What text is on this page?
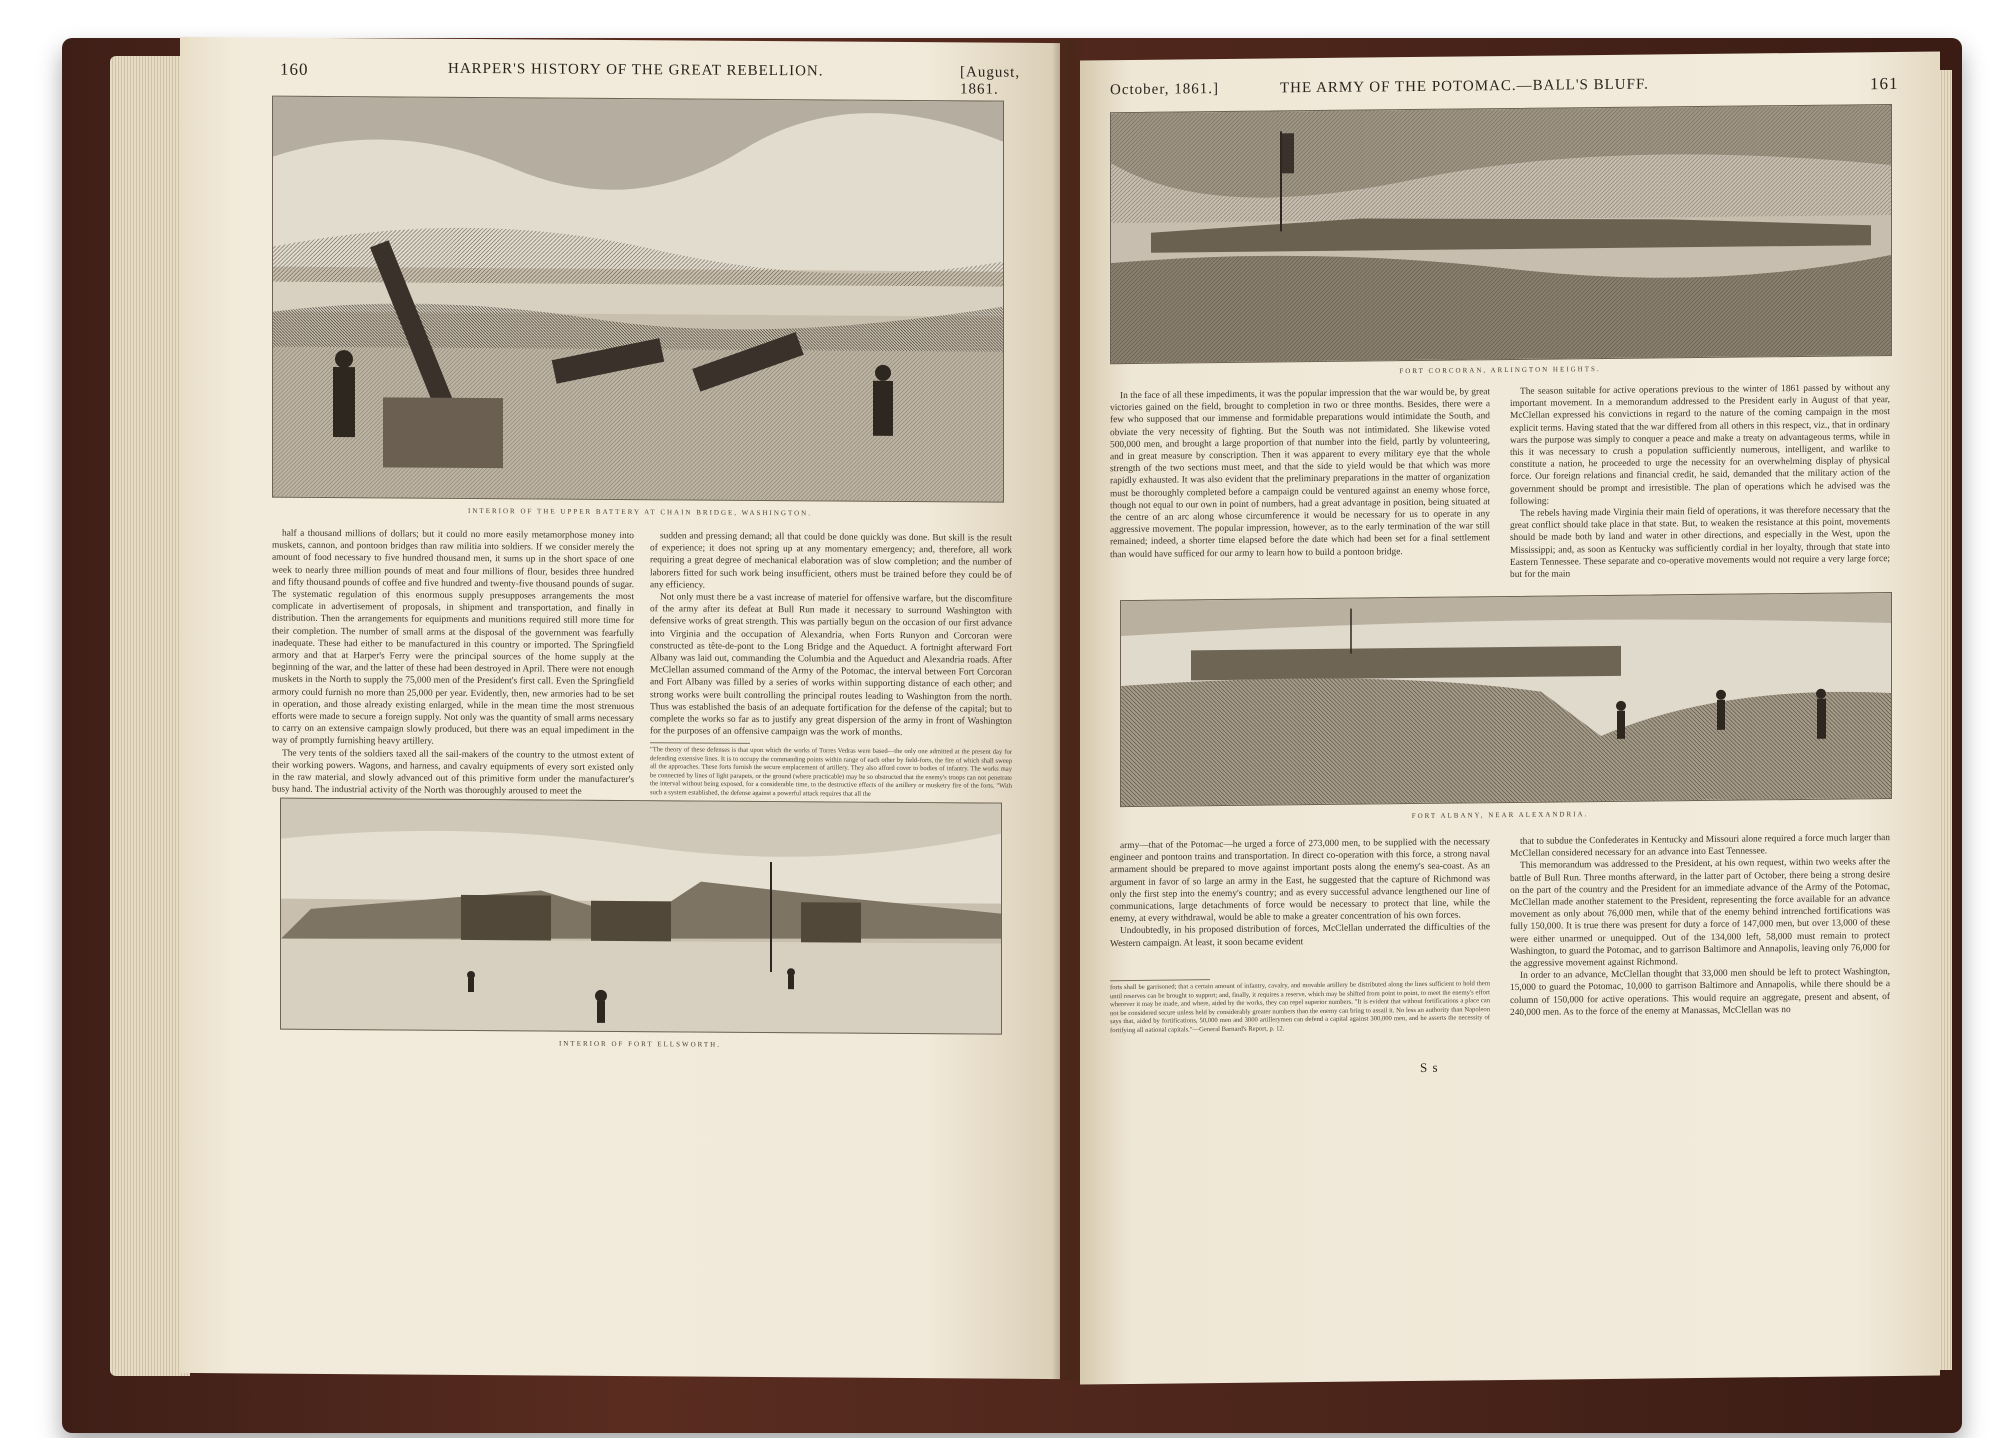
160	HARPER'S HISTORY OF THE GREAT REBELLION.	[August, 1861.
INTERIOR OF THE UPPER BATTERY AT CHAIN BRIDGE, WASHINGTON.

half a thousand millions of dollars; but it could no more easily metamorphose money into muskets, cannon, and pontoon bridges than raw militia into soldiers. If we consider merely the amount of food necessary to five hundred thousand men, it sums up in the short space of one week to nearly three million pounds of meat and four millions of flour, besides three hundred and fifty thousand pounds of coffee and five hundred and twenty-five thousand pounds of sugar. The systematic regulation of this enormous supply presupposes arrangements the most complicate in advertisement of proposals, in shipment and transportation, and finally in distribution. Then the arrangements for equipments and munitions required still more time for their completion. The number of small arms at the disposal of the government was fearfully inadequate. These had either to be manufactured in this country or imported. The Springfield armory and that at Harper's Ferry were the principal sources of the home supply at the beginning of the war, and the latter of these had been destroyed in April. There were not enough muskets in the North to supply the 75,000 men of the President's first call. Even the Springfield armory could furnish no more than 25,000 per year. Evidently, then, new armories had to be set in operation, and those already existing enlarged, while in the mean time the most strenuous efforts were made to secure a foreign supply. Not only was the quantity of small arms necessary to carry on an extensive campaign slowly produced, but there was an equal impediment in the way of promptly furnishing heavy artillery.

The very tents of the soldiers taxed all the sail-makers of the country to the utmost extent of their working powers. Wagons, and harness, and cavalry equipments of every sort existed only in the raw material, and slowly advanced out of this primitive form under the manufacturer's busy hand. The industrial activity of the North was thoroughly aroused to meet the

sudden and pressing demand; all that could be done quickly was done. But skill is the result of experience; it does not spring up at any momentary emergency; and, therefore, all work requiring a great degree of mechanical elaboration was of slow completion; and the number of laborers fitted for such work being insufficient, others must be trained before they could be of any efficiency.

Not only must there be a vast increase of materiel for offensive warfare, but the discomfiture of the army after its defeat at Bull Run made it necessary to surround Washington with defensive works of great strength. This was partially begun on the occasion of our first advance into Virginia and the occupation of Alexandria, when Forts Runyon and Corcoran were constructed as tête-de-pont to the Long Bridge and the Aqueduct. A fortnight afterward Fort Albany was laid out, commanding the Columbia and the Aqueduct and Alexandria roads. After McClellan assumed command of the Army of the Potomac, the interval between Fort Corcoran and Fort Albany was filled by a series of works within supporting distance of each other; and strong works were built controlling the principal routes leading to Washington from the north. Thus was established the basis of an adequate fortification for the defense of the capital; but to complete the works so far as to justify any great dispersion of the army in front of Washington for the purposes of an offensive campaign was the work of months.

"The theory of these defenses is that upon which the works of Torres Vedras were based—the only one admitted at the present day for defending extensive lines. It is to occupy the commanding points within range of each other by field-forts, the fire of which shall sweep all the approaches. These forts furnish the secure emplacement of artillery. They also afford cover to bodies of infantry. The works may be connected by lines of light parapets, or the ground (where practicable) may be so obstructed that the enemy's troops can not penetrate the interval without being exposed, for a considerable time, to the destructive effects of the artillery or musketry fire of the forts. "With such a system established, the defense against a powerful attack requires that all the
INTERIOR OF FORT ELLSWORTH.
October, 1861.]	THE ARMY OF THE POTOMAC.—BALL'S BLUFF.	161
FORT CORCORAN, ARLINGTON HEIGHTS.

In the face of all these impediments, it was the popular impression that the war would be, by great victories gained on the field, brought to completion in two or three months. Besides, there were a few who supposed that our immense and formidable preparations would intimidate the South, and obviate the very necessity of fighting. But the South was not intimidated. She likewise voted 500,000 men, and brought a large proportion of that number into the field, partly by volunteering, and in great measure by conscription. Then it was apparent to every military eye that the whole strength of the two sections must meet, and that the side to yield would be that which was more rapidly exhausted. It was also evident that the preliminary preparations in the matter of organization must be thoroughly completed before a campaign could be ventured against an enemy whose force, though not equal to our own in point of numbers, had a great advantage in position, being situated at the centre of an arc along whose circumference it would be necessary for us to operate in any aggressive movement. The popular impression, however, as to the early termination of the war still remained; indeed, a shorter time elapsed before the date which had been set for a final settlement than would have sufficed for our army to learn how to build a pontoon bridge.

The season suitable for active operations previous to the winter of 1861 passed by without any important movement. In a memorandum addressed to the President early in August of that year, McClellan expressed his convictions in regard to the nature of the coming campaign in the most explicit terms. Having stated that the war differed from all others in this respect, viz., that in ordinary wars the purpose was simply to conquer a peace and make a treaty on advantageous terms, while in this it was necessary to crush a population sufficiently numerous, intelligent, and warlike to constitute a nation, he proceeded to urge the necessity for an overwhelming display of physical force. Our foreign relations and financial credit, he said, demanded that the military action of the government should be prompt and irresistible. The plan of operations which he advised was the following:

The rebels having made Virginia their main field of operations, it was therefore necessary that the great conflict should take place in that state. But, to weaken the resistance at this point, movements should be made both by land and water in other directions, and especially in the West, upon the Mississippi; and, as soon as Kentucky was sufficiently cordial in her loyalty, through that state into Eastern Tennessee. These separate and co-operative movements would not require a very large force; but for the main

FORT ALBANY, NEAR ALEXANDRIA.

army—that of the Potomac—he urged a force of 273,000 men, to be supplied with the necessary engineer and pontoon trains and transportation. In direct co-operation with this force, a strong naval armament should be prepared to move against important posts along the enemy's sea-coast. As an argument in favor of so large an army in the East, he suggested that the capture of Richmond was only the first step into the enemy's country; and as every successful advance lengthened our line of communications, large detachments of force would be necessary to protect that line, while the enemy, at every withdrawal, would be able to make a greater concentration of his own forces.

Undoubtedly, in his proposed distribution of forces, McClellan underrated the difficulties of the Western campaign. At least, it soon became evident

forts shall be garrisoned; that a certain amount of infantry, cavalry, and movable artillery be distributed along the lines sufficient to hold them until reserves can be brought to support; and, finally, it requires a reserve, which may be shifted from point to point, to meet the enemy's effort wherever it may be made, and where, aided by the works, they can repel superior numbers. "It is evident that without fortifications a place can not be considered secure unless held by considerably greater numbers than the enemy can bring to assail it. No less an authority than Napoleon says that, aided by fortifications, 50,000 men and 3000 artillerymen can defend a capital against 300,000 men, and he asserts the necessity of fortifying all national capitals."—General Barnard's Report, p. 12.

that to subdue the Confederates in Kentucky and Missouri alone required a force much larger than McClellan considered necessary for an advance into East Tennessee.

This memorandum was addressed to the President, at his own request, within two weeks after the battle of Bull Run. Three months afterward, in the latter part of October, there being a strong desire on the part of the country and the President for an immediate advance of the Army of the Potomac, McClellan made another statement to the President, representing the force available for an advance movement as only about 76,000 men, while that of the enemy behind intrenched fortifications was fully 150,000. It is true there was present for duty a force of 147,000 men, but over 13,000 of these were either unarmed or unequipped. Out of the 134,000 left, 58,000 must remain to protect Washington, to guard the Potomac, and to garrison Baltimore and Annapolis, leaving only 76,000 for the aggressive movement against Richmond.

In order to an advance, McClellan thought that 33,000 men should be left to protect Washington, 15,000 to guard the Potomac, 10,000 to garrison Baltimore and Annapolis, while there should be a column of 150,000 for active operations. This would require an aggregate, present and absent, of 240,000 men. As to the force of the enemy at Manassas, McClellan was no

S s
